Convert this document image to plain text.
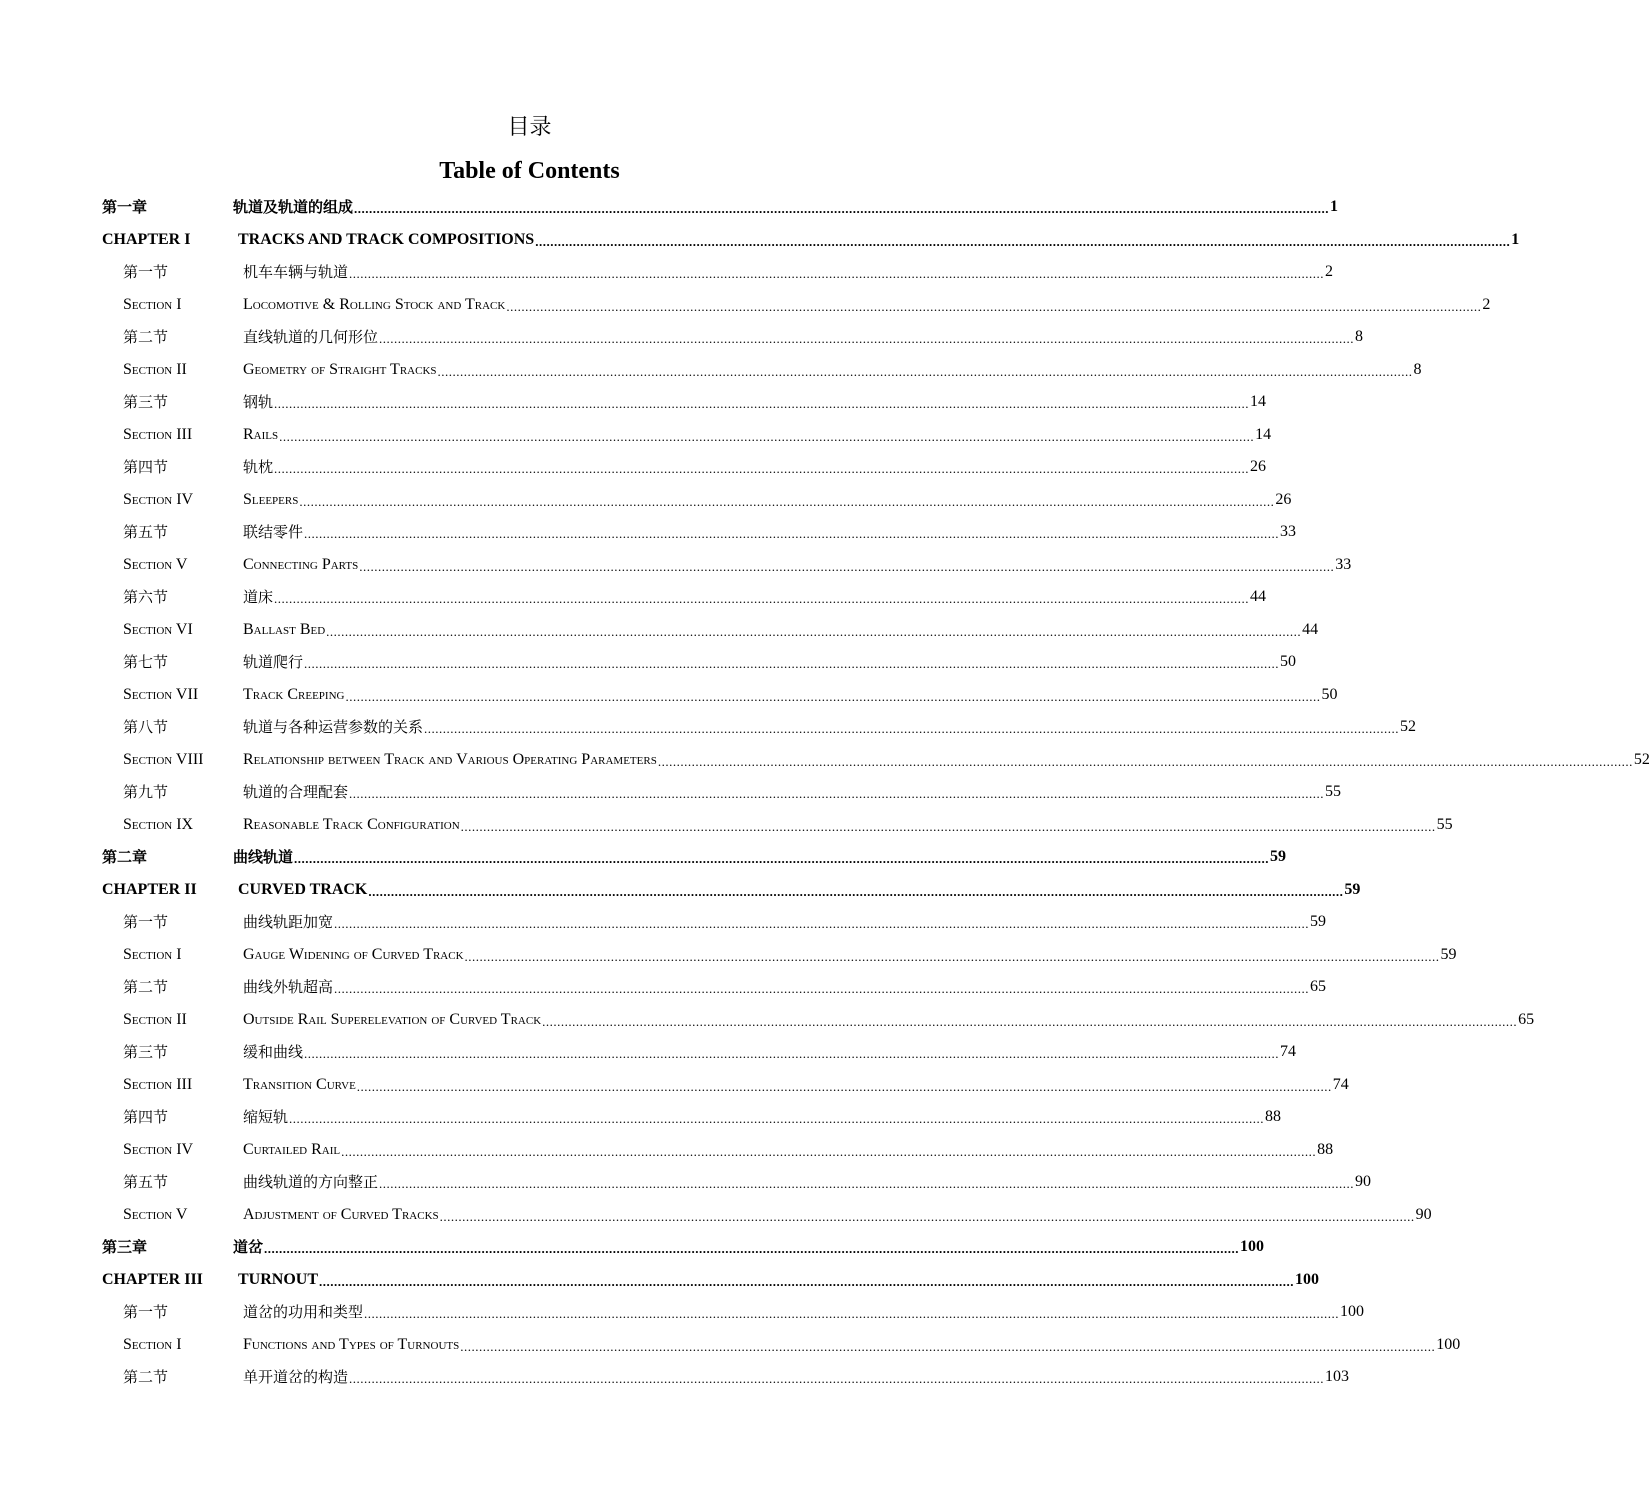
目录
Table of Contents
第一章	轨道及轨道的组成 .................................................................................................................................................................................................................................................................... 1
CHAPTER I	TRACKS AND TRACK COMPOSITIONS .................................................................................................................................................................................................................................................................... 1
第一节	机车车辆与轨道 .................................................................................................................................................................................................................................................................... 2
Section I	Locomotive & Rolling Stock and Track .................................................................................................................................................................................................................................................................... 2
第二节	直线轨道的几何形位 .................................................................................................................................................................................................................................................................... 8
Section II	Geometry of Straight Tracks .................................................................................................................................................................................................................................................................... 8
第三节	钢轨 .................................................................................................................................................................................................................................................................... 14
Section III	Rails .................................................................................................................................................................................................................................................................... 14
第四节	轨枕 .................................................................................................................................................................................................................................................................... 26
Section IV	Sleepers .................................................................................................................................................................................................................................................................... 26
第五节	联结零件 .................................................................................................................................................................................................................................................................... 33
Section V	Connecting Parts .................................................................................................................................................................................................................................................................... 33
第六节	道床 .................................................................................................................................................................................................................................................................... 44
Section VI	Ballast Bed .................................................................................................................................................................................................................................................................... 44
第七节	轨道爬行 .................................................................................................................................................................................................................................................................... 50
Section VII	Track Creeping .................................................................................................................................................................................................................................................................... 50
第八节	轨道与各种运营参数的关系 .................................................................................................................................................................................................................................................................... 52
Section VIII Relationship between Track and Various Operating Parameters .................................................................................................................................................................................................................................................................... 52
第九节	轨道的合理配套 .................................................................................................................................................................................................................................................................... 55
Section IX	Reasonable Track Configuration .................................................................................................................................................................................................................................................................... 55
第二章	曲线轨道 .................................................................................................................................................................................................................................................................... 59
CHAPTER II	CURVED TRACK .................................................................................................................................................................................................................................................................... 59
第一节	曲线轨距加宽 .................................................................................................................................................................................................................................................................... 59
Section I	Gauge Widening of Curved Track .................................................................................................................................................................................................................................................................... 59
第二节	曲线外轨超高 .................................................................................................................................................................................................................................................................... 65
Section II	Outside Rail Superelevation of Curved Track .................................................................................................................................................................................................................................................................... 65
第三节	缓和曲线 .................................................................................................................................................................................................................................................................... 74
Section III	Transition Curve .................................................................................................................................................................................................................................................................... 74
第四节	缩短轨 .................................................................................................................................................................................................................................................................... 88
Section IV	Curtailed Rail .................................................................................................................................................................................................................................................................... 88
第五节	曲线轨道的方向整正 .................................................................................................................................................................................................................................................................... 90
Section V	Adjustment of Curved Tracks .................................................................................................................................................................................................................................................................... 90
第三章	道岔 .................................................................................................................................................................................................................................................................... 100
CHAPTER III TURNOUT .................................................................................................................................................................................................................................................................... 100
第一节	道岔的功用和类型 .................................................................................................................................................................................................................................................................... 100
Section I	Functions and Types of Turnouts .................................................................................................................................................................................................................................................................... 100
第二节	单开道岔的构造 .................................................................................................................................................................................................................................................................... 103
